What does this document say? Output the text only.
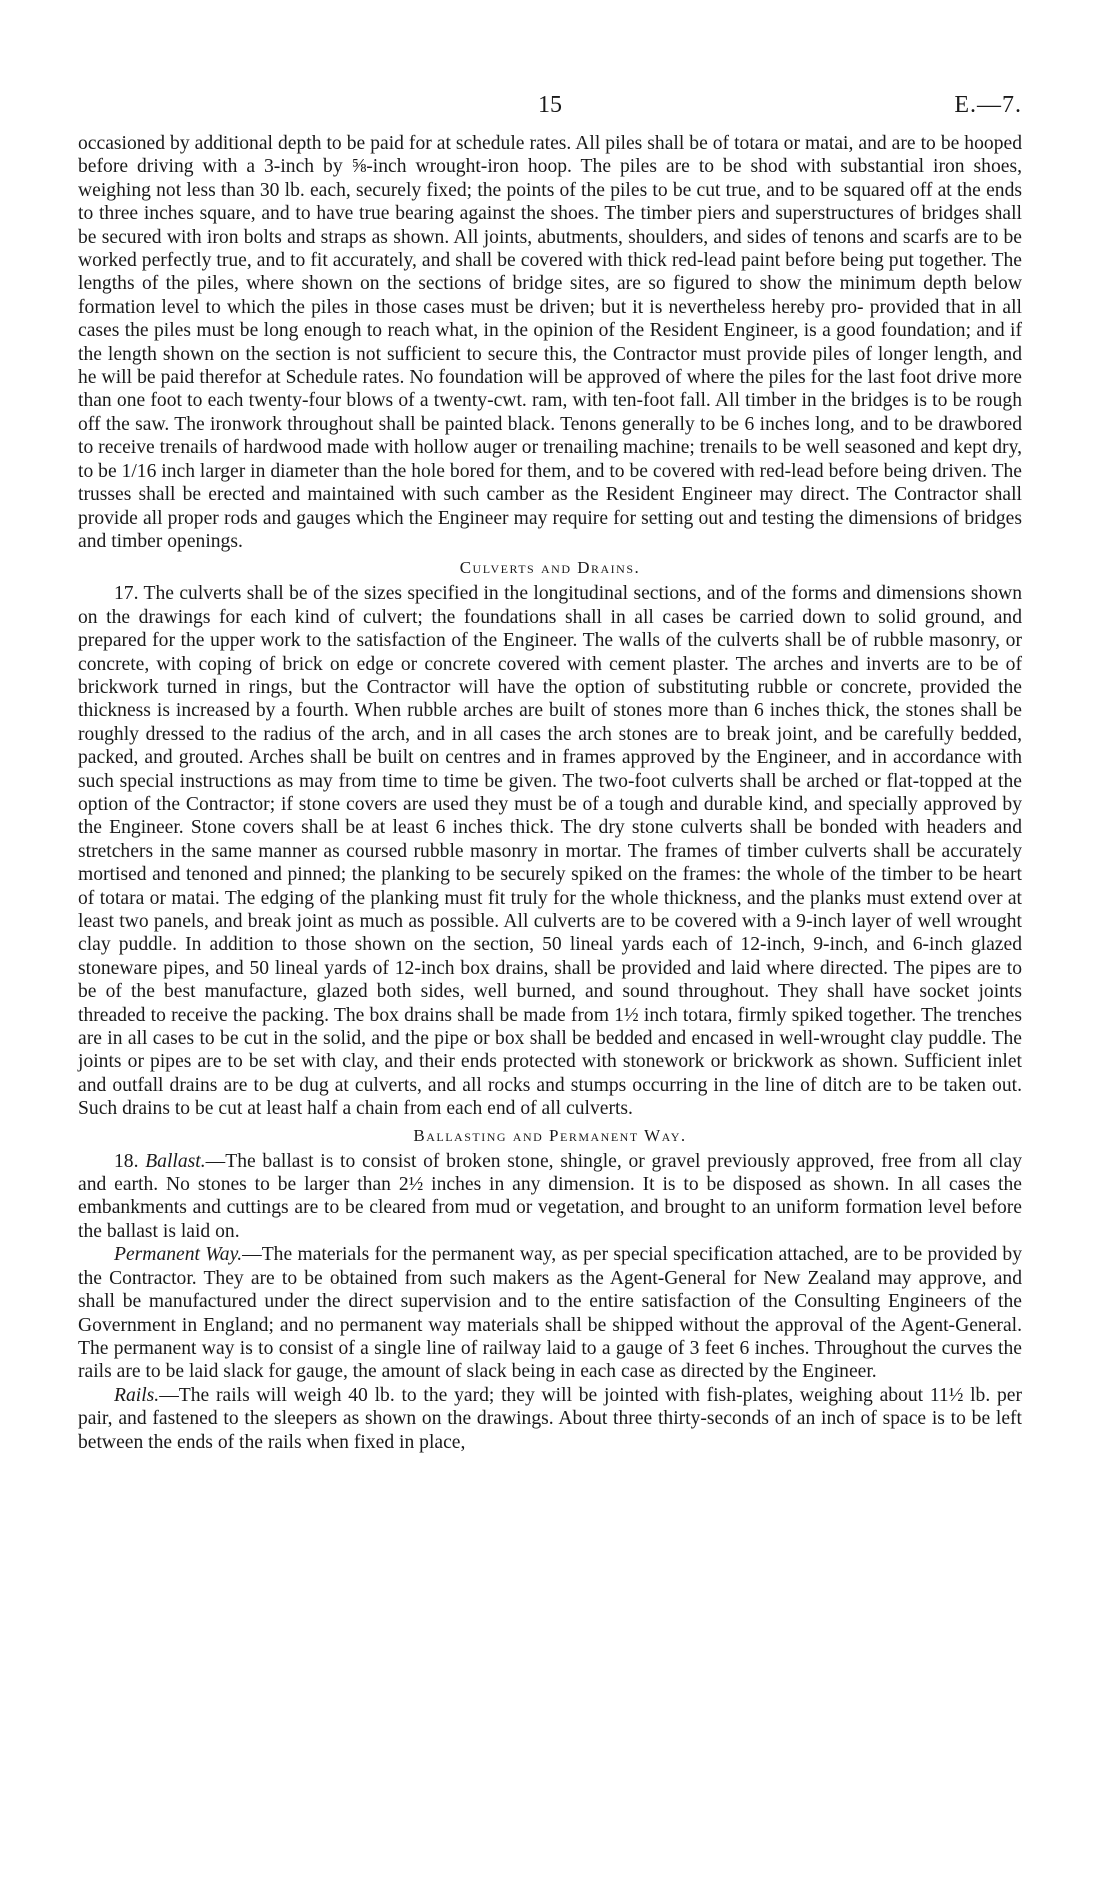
15	E.—7.

occasioned by additional depth to be paid for at schedule rates. All piles shall be of totara or matai, and are to be hooped before driving with a 3-inch by ⅝-inch wrought-iron hoop. The piles are to be shod with substantial iron shoes, weighing not less than 30 lb. each, securely fixed; the points of the piles to be cut true, and to be squared off at the ends to three inches square, and to have true bearing against the shoes. The timber piers and superstructures of bridges shall be secured with iron bolts and straps as shown. All joints, abutments, shoulders, and sides of tenons and scarfs are to be worked perfectly true, and to fit accurately, and shall be covered with thick red-lead paint before being put together. The lengths of the piles, where shown on the sections of bridge sites, are so figured to show the minimum depth below formation level to which the piles in those cases must be driven; but it is nevertheless hereby pro- provided that in all cases the piles must be long enough to reach what, in the opinion of the Resident Engineer, is a good foundation; and if the length shown on the section is not sufficient to secure this, the Contractor must provide piles of longer length, and he will be paid therefor at Schedule rates. No foundation will be approved of where the piles for the last foot drive more than one foot to each twenty-four blows of a twenty-cwt. ram, with ten-foot fall. All timber in the bridges is to be rough off the saw. The ironwork throughout shall be painted black. Tenons generally to be 6 inches long, and to be drawbored to receive trenails of hardwood made with hollow auger or trenailing machine; trenails to be well seasoned and kept dry, to be 1/16 inch larger in diameter than the hole bored for them, and to be covered with red-lead before being driven. The trusses shall be erected and maintained with such camber as the Resident Engineer may direct. The Contractor shall provide all proper rods and gauges which the Engineer may require for setting out and testing the dimensions of bridges and timber openings.

Culverts and Drains.

17. The culverts shall be of the sizes specified in the longitudinal sections, and of the forms and dimensions shown on the drawings for each kind of culvert; the foundations shall in all cases be carried down to solid ground, and prepared for the upper work to the satisfaction of the Engineer. The walls of the culverts shall be of rubble masonry, or concrete, with coping of brick on edge or concrete covered with cement plaster. The arches and inverts are to be of brickwork turned in rings, but the Contractor will have the option of substituting rubble or concrete, provided the thickness is increased by a fourth. When rubble arches are built of stones more than 6 inches thick, the stones shall be roughly dressed to the radius of the arch, and in all cases the arch stones are to break joint, and be carefully bedded, packed, and grouted. Arches shall be built on centres and in frames approved by the Engineer, and in accordance with such special instructions as may from time to time be given. The two-foot culverts shall be arched or flat-topped at the option of the Contractor; if stone covers are used they must be of a tough and durable kind, and specially approved by the Engineer. Stone covers shall be at least 6 inches thick. The dry stone culverts shall be bonded with headers and stretchers in the same manner as coursed rubble masonry in mortar. The frames of timber culverts shall be accurately mortised and tenoned and pinned; the planking to be securely spiked on the frames: the whole of the timber to be heart of totara or matai. The edging of the planking must fit truly for the whole thickness, and the planks must extend over at least two panels, and break joint as much as possible. All culverts are to be covered with a 9-inch layer of well wrought clay puddle. In addition to those shown on the section, 50 lineal yards each of 12-inch, 9-inch, and 6-inch glazed stoneware pipes, and 50 lineal yards of 12-inch box drains, shall be provided and laid where directed. The pipes are to be of the best manufacture, glazed both sides, well burned, and sound throughout. They shall have socket joints threaded to receive the packing. The box drains shall be made from 1½ inch totara, firmly spiked together. The trenches are in all cases to be cut in the solid, and the pipe or box shall be bedded and encased in well-wrought clay puddle. The joints or pipes are to be set with clay, and their ends protected with stonework or brickwork as shown. Sufficient inlet and outfall drains are to be dug at culverts, and all rocks and stumps occurring in the line of ditch are to be taken out. Such drains to be cut at least half a chain from each end of all culverts.

Ballasting and Permanent Way.

18. Ballast.—The ballast is to consist of broken stone, shingle, or gravel previously approved, free from all clay and earth. No stones to be larger than 2½ inches in any dimension. It is to be disposed as shown. In all cases the embankments and cuttings are to be cleared from mud or vegetation, and brought to an uniform formation level before the ballast is laid on.

Permanent Way.—The materials for the permanent way, as per special specification attached, are to be provided by the Contractor. They are to be obtained from such makers as the Agent-General for New Zealand may approve, and shall be manufactured under the direct supervision and to the entire satisfaction of the Consulting Engineers of the Government in England; and no permanent way materials shall be shipped without the approval of the Agent-General. The permanent way is to consist of a single line of railway laid to a gauge of 3 feet 6 inches. Throughout the curves the rails are to be laid slack for gauge, the amount of slack being in each case as directed by the Engineer.

Rails.—The rails will weigh 40 lb. to the yard; they will be jointed with fish-plates, weighing about 11½ lb. per pair, and fastened to the sleepers as shown on the drawings. About three thirty-seconds of an inch of space is to be left between the ends of the rails when fixed in place,
